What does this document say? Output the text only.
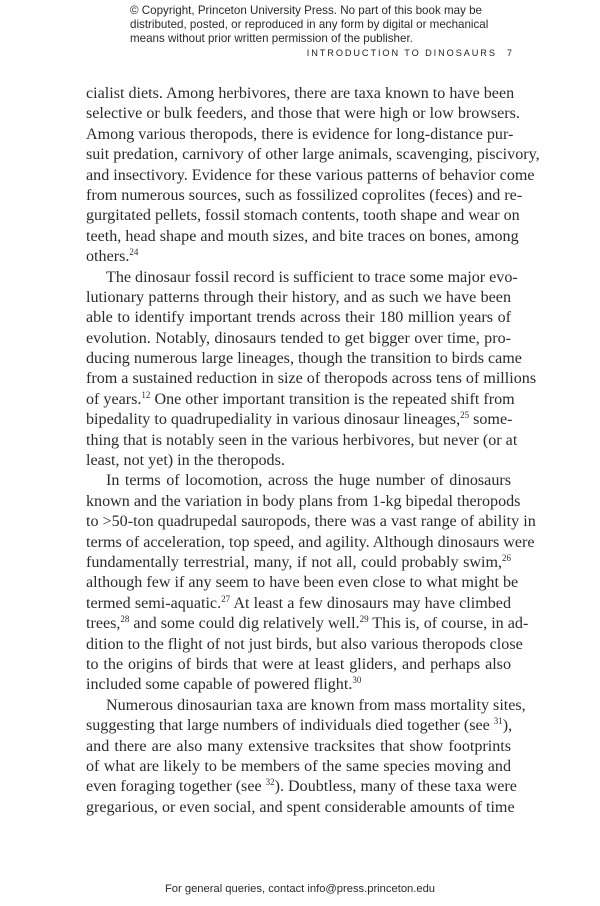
© Copyright, Princeton University Press. No part of this book may be
distributed, posted, or reproduced in any form by digital or mechanical
means without prior written permission of the publisher.
INTRODUCTION TO DINOSAURS 7
cialist diets. Among herbivores, there are taxa known to have been
selective or bulk feeders, and those that were high or low browsers.
Among various theropods, there is evidence for long-distance pur-
suit predation, carnivory of other large animals, scavenging, piscivory,
and insectivory. Evidence for these various patterns of behavior come
from numerous sources, such as fossilized coprolites (feces) and re-
gurgitated pellets, fossil stomach contents, tooth shape and wear on
teeth, head shape and mouth sizes, and bite traces on bones, among
others.$^{24}$
The dinosaur fossil record is sufficient to trace some major evo-
lutionary patterns through their history, and as such we have been
able to identify important trends across their 180 million years of
evolution. Notably, dinosaurs tended to get bigger over time, pro-
ducing numerous large lineages, though the transition to birds came
from a sustained reduction in size of theropods across tens of millions
of years.$^{12}$ One other important transition is the repeated shift from
bipedality to quadrupediality in various dinosaur lineages,$^{25}$ some-
thing that is notably seen in the various herbivores, but never (or at
least, not yet) in the theropods.
In terms of locomotion, across the huge number of dinosaurs
known and the variation in body plans from 1-kg bipedal theropods
to >50-ton quadrupedal sauropods, there was a vast range of ability in
terms of acceleration, top speed, and agility. Although dinosaurs were
fundamentally terrestrial, many, if not all, could probably swim,$^{26}$
although few if any seem to have been even close to what might be
termed semi-aquatic.$^{27}$ At least a few dinosaurs may have climbed
trees,$^{28}$ and some could dig relatively well.$^{29}$ This is, of course, in ad-
dition to the flight of not just birds, but also various theropods close
to the origins of birds that were at least gliders, and perhaps also
included some capable of powered flight.$^{30}$
Numerous dinosaurian taxa are known from mass mortality sites,
suggesting that large numbers of individuals died together (see $^{31}$),
and there are also many extensive tracksites that show footprints
of what are likely to be members of the same species moving and
even foraging together (see $^{32}$). Doubtless, many of these taxa were
gregarious, or even social, and spent considerable amounts of time
For general queries, contact info@press.princeton.edu
